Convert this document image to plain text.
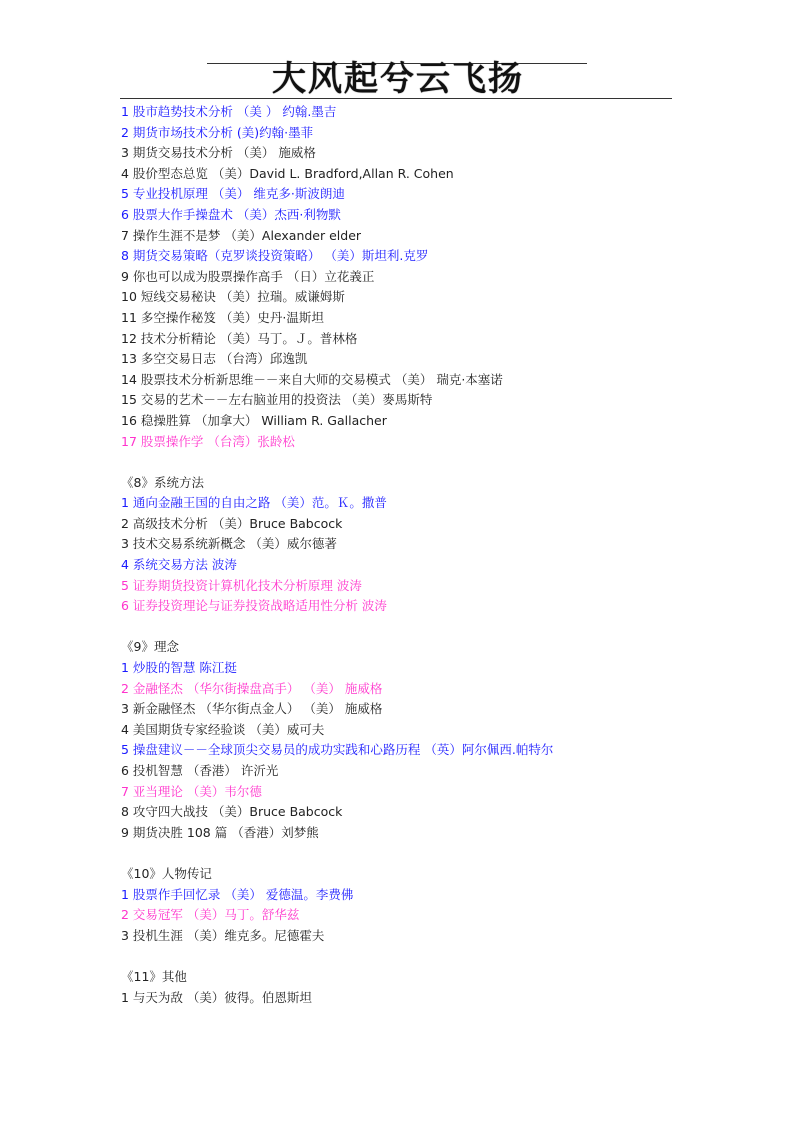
大风起兮云飞扬
1 股市趋势技术分析 （美 ） 约翰.墨吉
2 期货市场技术分析 (美)约翰·墨菲
3 期货交易技术分析 （美） 施威格
4 股价型态总览 （美）David L. Bradford,Allan R. Cohen
5 专业投机原理 （美） 维克多·斯波朗迪
6 股票大作手操盘术 （美）杰西·利物默
7 操作生涯不是梦 （美）Alexander elder
8 期货交易策略（克罗谈投资策略） （美）斯坦利.克罗
9 你也可以成为股票操作高手 （日）立花義正
10 短线交易秘诀 （美）拉瑞。威谦姆斯
11 多空操作秘笈 （美）史丹·温斯坦
12 技术分析精论 （美）马丁。Ｊ。普林格
13 多空交易日志 （台湾）邱逸凯
14 股票技术分析新思维－－来自大师的交易模式 （美） 瑞克·本塞诺
15 交易的艺术－－左右脑並用的投资法 （美）麥馬斯特
16 稳操胜算 （加拿大） William R. Gallacher
17 股票操作学 （台湾）张龄松
《8》系统方法
1 通向金融王国的自由之路 （美）范。Ｋ。撒普
2 高级技术分析 （美）Bruce Babcock
3 技术交易系统新概念 （美）威尔德著
4 系统交易方法 波涛
5 证券期货投资计算机化技术分析原理 波涛
6 证券投资理论与证券投资战略适用性分析 波涛
《9》理念
1 炒股的智慧 陈江挺
2 金融怪杰 （华尔街操盘高手） （美） 施威格
3 新金融怪杰 （华尔街点金人） （美） 施威格
4 美国期货专家经验谈 （美）威可夫
5 操盘建议－－全球顶尖交易员的成功实践和心路历程 （英）阿尔佩西.帕特尔
6 投机智慧 （香港） 许沂光
7 亚当理论 （美）韦尔德
8 攻守四大战技 （美）Bruce Babcock
9 期货决胜 108 篇 （香港）刘梦熊
《10》人物传记
1 股票作手回忆录 （美） 爱德温。李费佛
2 交易冠军 （美）马丁。舒华兹
3 投机生涯 （美）维克多。尼德霍夫
《11》其他
1 与天为敌 （美）彼得。伯恩斯坦
